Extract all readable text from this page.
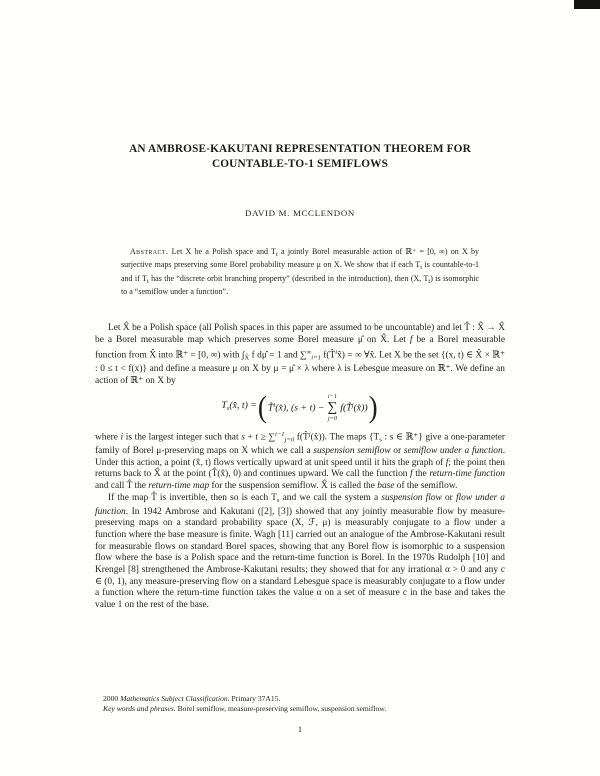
AN AMBROSE-KAKUTANI REPRESENTATION THEOREM FOR
COUNTABLE-TO-1 SEMIFLOWS
DAVID M. MCCLENDON

Abstract. Let X be a Polish space and $T_t$ a jointly Borel measurable action of ℝ⁺ = [0, ∞) on X by surjective maps preserving some Borel probability measure μ on X. We show that if each $T_t$ is countable-to-1 and if $T_t$ has the “discrete orbit branching property” (described in the introduction), then (X, $T_t$) is isomorphic to a “semiflow under a function”.

Let X̂ be a Polish space (all Polish spaces in this paper are assumed to be uncountable) and let T̂ : X̂ → X̂ be a Borel measurable map which preserves some Borel measure μ̂ on X̂. Let f be a Borel measurable function from X̂ into ℝ⁺ = [0, ∞) with $\int_{X̂}$ f dμ̂ = 1 and $\sum^\infty_{i=1}$ f(T̂$^i$x̂) = ∞ ∀x̂. Let X be the set {(x, t) ∈ X̂ × ℝ⁺ : 0 ≤ t < f(x)} and define a measure μ on X by μ = μ̂ × λ where λ is Lebesgue measure on ℝ⁺. We define an action of ℝ⁺ on X by

$T_s(x̂$, t) = ( T̂$^i$(x̂), (s + t) −
i−1
∑
j=0
f(T̂$^j$(x̂)) )

where i is the largest integer such that s + t ≥ ∑$^{i-1}_{j=0}$ f(T̂$^j$(x̂)). The maps {$T_s$ : s ∈ ℝ⁺} give a one-parameter family of Borel μ-preserving maps on X which we call a suspension semiflow or semiflow under a function. Under this action, a point (x̂, t) flows vertically upward at unit speed until it hits the graph of f; the point then returns back to X̂ at the point (T̂(x̂), 0) and continues upward. We call the function f the return-time function and call T̂ the return-time map for the suspension semiflow. X̂ is called the base of the semiflow.

If the map T̂ is invertible, then so is each $T_s$ and we call the system a suspension flow or flow under a function. In 1942 Ambrose and Kakutani ([2], [3]) showed that any jointly measurable flow by measure-preserving maps on a standard probability space (X, ℱ, μ) is measurably conjugate to a flow under a function where the base measure is finite. Wagh [11] carried out an analogue of the Ambrose-Kakutani result for measurable flows on standard Borel spaces, showing that any Borel flow is isomorphic to a suspension flow where the base is a Polish space and the return-time function is Borel. In the 1970s Rudolph [10] and Krengel [8] strengthened the Ambrose-Kakutani results; they showed that for any irrational α > 0 and any c ∈ (0, 1), any measure-preserving flow on a standard Lebesgue space is measurably conjugate to a flow under a function where the return-time function takes the value α on a set of measure c in the base and takes the value 1 on the rest of the base.

2000 Mathematics Subject Classification. Primary 37A15.

Key words and phrases. Borel semiflow, measure-preserving semiflow, suspension semiflow.

1
